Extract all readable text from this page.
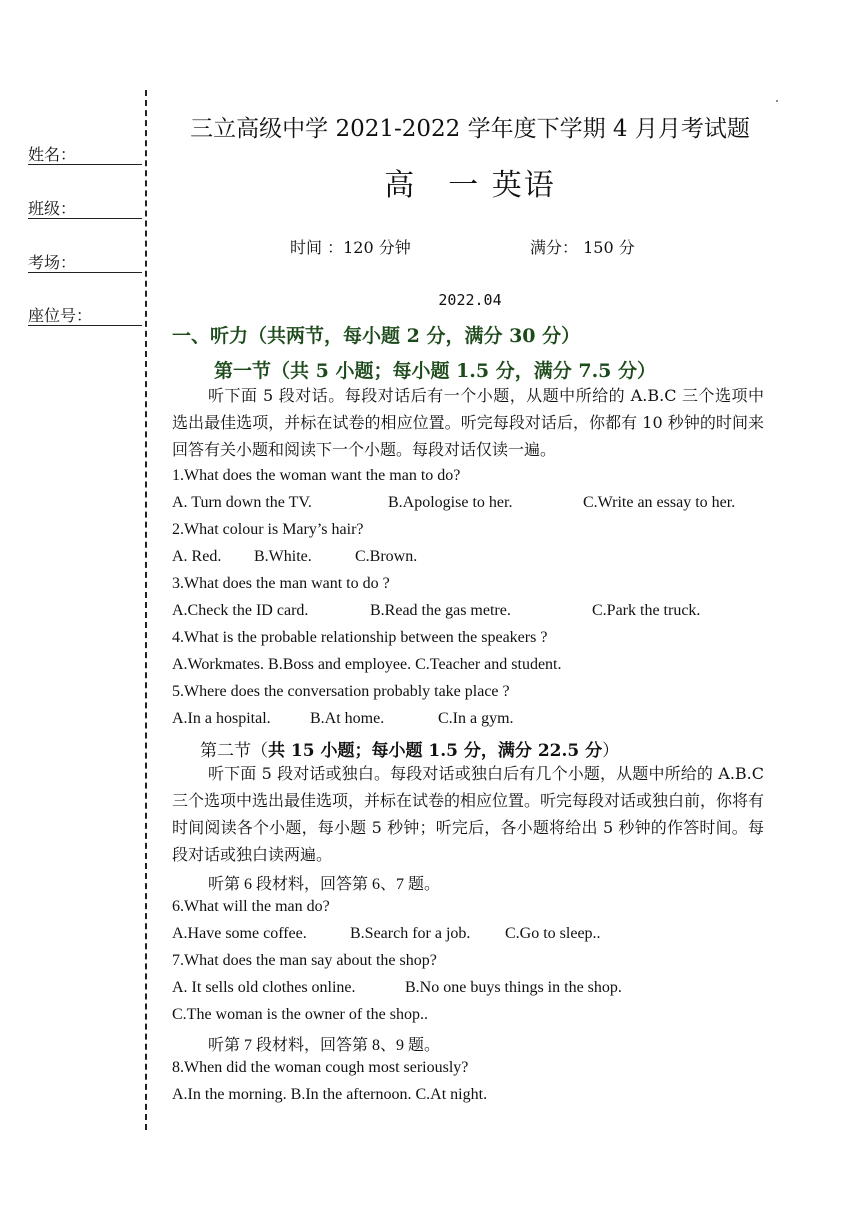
姓名：
班级：
考场：
座位号：
三立高级中学 2021-2022 学年度下学期 4 月月考试题
高　一 英语
时间 ：120 分钟	满分： 150 分
2022.04
一、听力（共两节，每小题 2 分，满分 30 分）
第一节（共 5 小题；每小题 1.5 分，满分 7.5 分）
听下面 5 段对话。每段对话后有一个小题，从题中所给的 A.B.C 三个选项中选出最佳选项，并标在试卷的相应位置。听完每段对话后，你都有 10 秒钟的时间来回答有关小题和阅读下一个小题。每段对话仅读一遍。
1.What does the woman want the man to do?
A. Turn down the TV.	B.Apologise to her.	C.Write an essay to her.
2.What colour is Mary’s hair?
A. Red. B.White.	C.Brown.
3.What does the man want to do ?
A.Check the ID card.	B.Read the gas metre.	C.Park the truck.
4.What is the probable relationship between the speakers ?
A.Workmates. B.Boss and employee. C.Teacher and student.
5.Where does the conversation probably take place ?
A.In a hospital. B.At home.	C.In a gym.
第二节（共 15 小题；每小题 1.5 分，满分 22.5 分）
听下面 5 段对话或独白。每段对话或独白后有几个小题，从题中所给的 A.B.C 三个选项中选出最佳选项，并标在试卷的相应位置。听完每段对话或独白前，你将有时间阅读各个小题，每小题 5 秒钟；听完后，各小题将给出 5 秒钟的作答时间。每段对话或独白读两遍。
听第 6 段材料，回答第 6、7 题。
6.What will the man do?
A.Have some coffee.	B.Search for a job. C.Go to sleep..
7.What does the man say about the shop?
A. It sells old clothes online.	B.No one buys things in the shop.
C.The woman is the owner of the shop..
听第 7 段材料，回答第 8、9 题。
8.When did the woman cough most seriously?
A.In the morning. B.In the afternoon. C.At night.
